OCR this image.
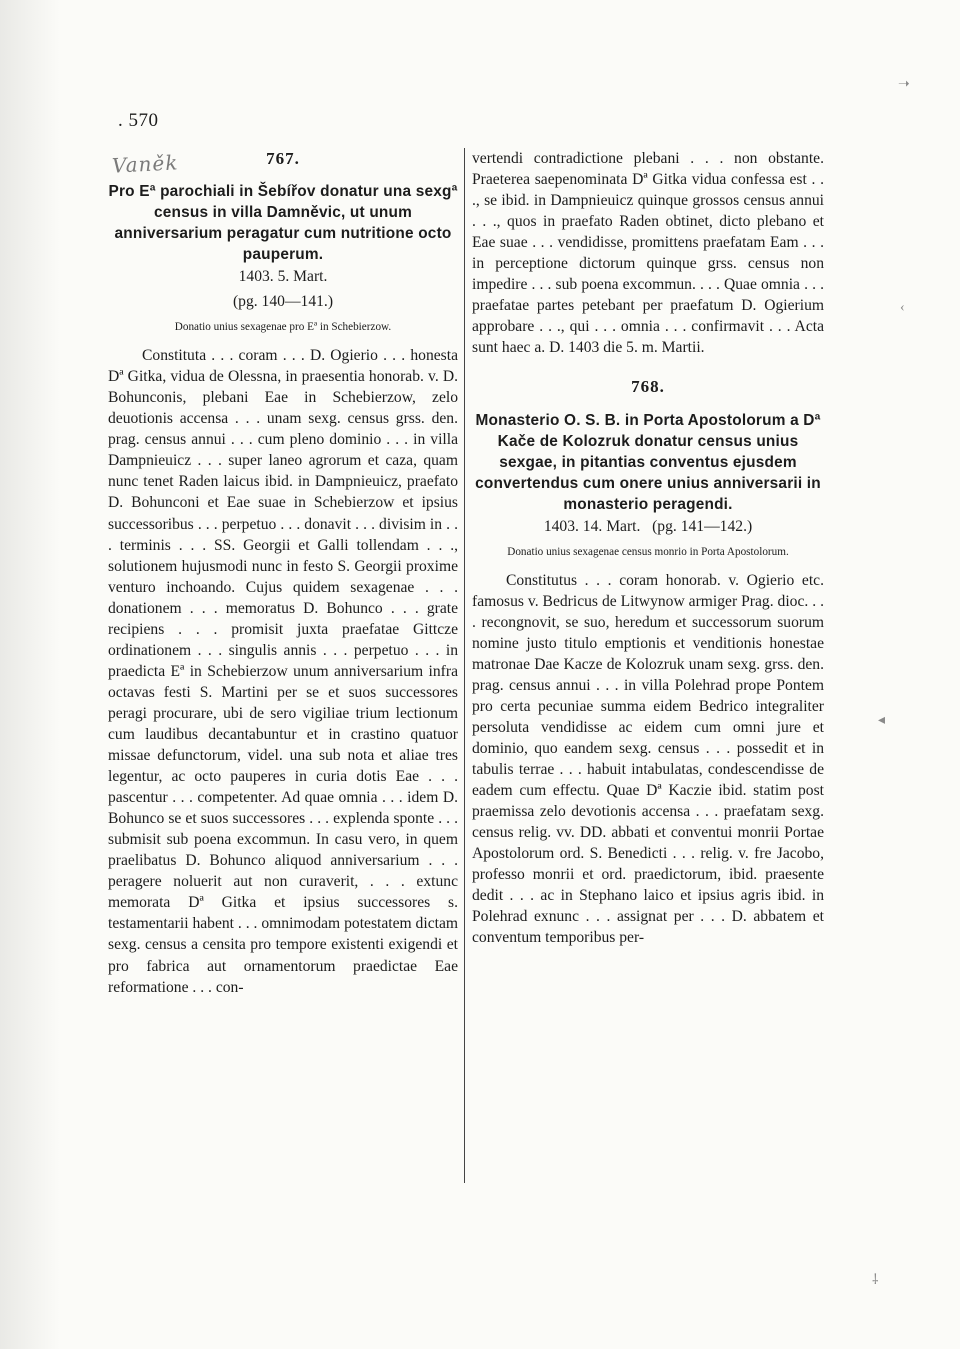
➝
‹
◂
⸸
. 570
Vaněk	767.

Pro Eª parochiali in Šebířov donatur una sexgª census in villa Damněvic, ut unum anniversarium peragatur cum nutritione octo pauperum.

1403. 5. Mart.
(pg. 140—141.)
Donatio unius sexagenae pro Eª in Schebierzow.

Constituta . . . coram . . . D. Ogierio . . . honesta Dª Gitka, vidua de Olessna, in praesentia honorab. v. D. Bohunconis, plebani Eae in Schebierzow, zelo deuotionis accensa . . . unam sexg. census grss. den. prag. census annui . . . cum pleno dominio . . . in villa Dampnieuicz . . . super laneo agrorum et caza, quam nunc tenet Raden laicus ibid. in Dampnieuicz, praefato D. Bohunconi et Eae suae in Schebierzow et ipsius successoribus . . . perpetuo . . . donavit . . . divisim in . . . terminis . . . SS. Georgii et Galli tollendam . . ., solutionem hujusmodi nunc in festo S. Georgii proxime venturo inchoando. Cujus quidem sexagenae . . . donationem . . . memoratus D. Bohunco . . . grate recipiens . . . promisit juxta praefatae Gittcze ordinationem . . . singulis annis . . . perpetuo . . . in praedicta Eª in Schebierzow unum anniversarium infra octavas festi S. Martini per se et suos successores peragi procurare, ubi de sero vigiliae trium lectionum cum laudibus decantabuntur et in crastino quatuor missae defunctorum, videl. una sub nota et aliae tres legentur, ac octo pauperes in curia dotis Eae . . . pascentur . . . competenter. Ad quae omnia . . . idem D. Bohunco se et suos successores . . . explenda sponte . . . submisit sub poena excommun. In casu vero, in quem praelibatus D. Bohunco aliquod anniversarium . . . peragere noluerit aut non curaverit, . . . extunc memorata Dª Gitka et ipsius successores s. testamentarii habent . . . omnimodam potestatem dictam sexg. census a censita pro tempore existenti exigendi et pro fabrica aut ornamentorum praedictae Eae reformatione . . . con-

vertendi contradictione plebani . . . non obstante. Praeterea saepenominata Dª Gitka vidua confessa est . . ., se ibid. in Dampnieuicz quinque grossos census annui . . ., quos in praefato Raden obtinet, dicto plebano et Eae suae . . . vendidisse, promittens praefatam Eam . . . in perceptione dictorum quinque grss. census non impedire . . . sub poena excommun. . . . Quae omnia . . . praefatae partes petebant per praefatum D. Ogierium approbare . . ., qui . . . omnia . . . confirmavit . . . Acta sunt haec a. D. 1403 die 5. m. Martii.

768.

Monasterio O. S. B. in Porta Apostolorum a Dª Kače de Kolozruk donatur census unius sexgae, in pitantias conventus ejusdem convertendus cum onere unius anniversarii in monasterio peragendi.

1403. 14. Mart. (pg. 141—142.)
Donatio unius sexagenae census monrio in Porta Apostolorum.

Constitutus . . . coram honorab. v. Ogierio etc. famosus v. Bedricus de Litwynow armiger Prag. dioc. . . . recongnovit, se suo, heredum et successorum suorum nomine justo titulo emptionis et venditionis honestae matronae Dae Kacze de Kolozruk unam sexg. grss. den. prag. census annui . . . in villa Polehrad prope Pontem pro certa pecuniae summa eidem Bedrico integraliter persoluta vendidisse ac eidem cum omni jure et dominio, quo eandem sexg. census . . . possedit et in tabulis terrae . . . habuit intabulatas, condescendisse de eadem cum effectu. Quae Dª Kaczie ibid. statim post praemissa zelo devotionis accensa . . . praefatam sexg. census relig. vv. DD. abbati et conventui monrii Portae Apostolorum ord. S. Benedicti . . . relig. v. fre Jacobo, professo monrii et ord. praedictorum, ibid. praesente dedit . . . ac in Stephano laico et ipsius agris ibid. in Polehrad exnunc . . . assignat per . . . D. abbatem et conventum temporibus per-
